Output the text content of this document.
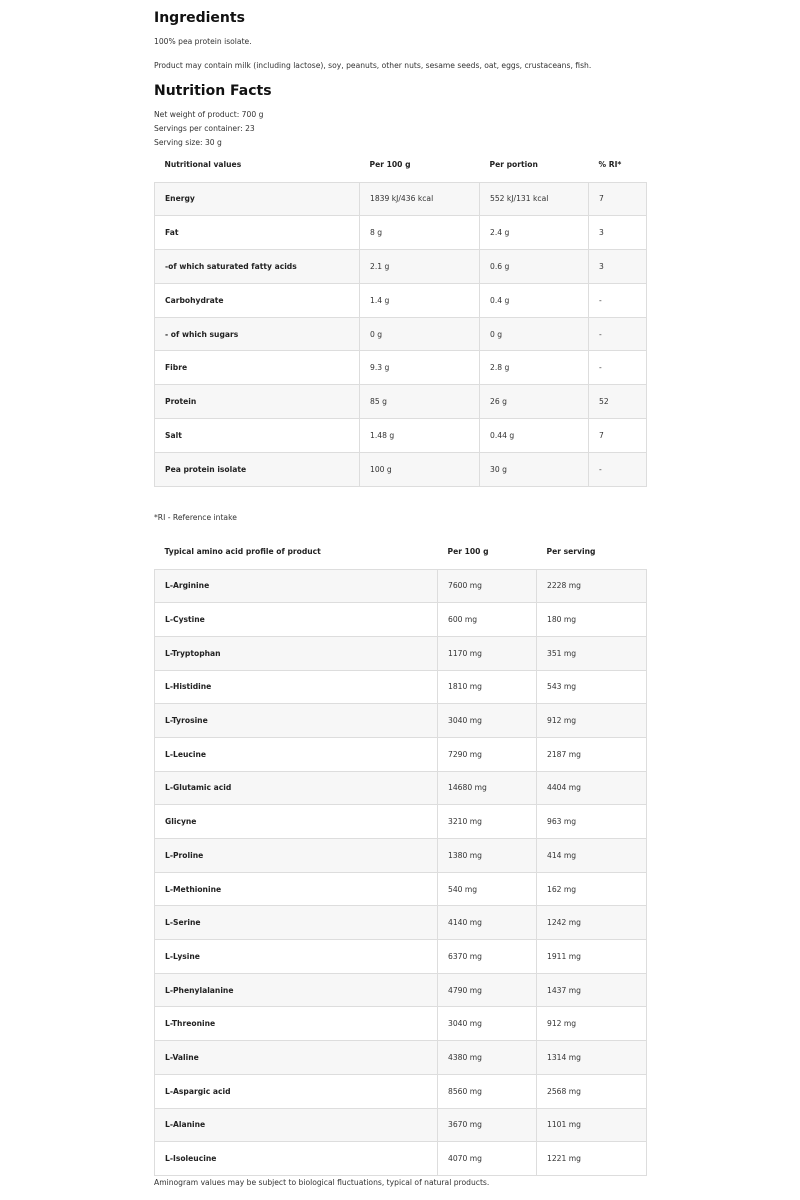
Ingredients
100% pea protein isolate.
Product may contain milk (including lactose), soy, peanuts, other nuts, sesame seeds, oat, eggs, crustaceans, fish.
Nutrition Facts
Net weight of product: 700 g
Servings per container: 23
Serving size: 30 g
Nutritional values	Per 100 g	Per portion	% RI*
Energy	1839 kJ/436 kcal	552 kJ/131 kcal	7
Fat	8 g	2.4 g	3
-of which saturated fatty acids	2.1 g	0.6 g	3
Carbohydrate	1.4 g	0.4 g	-
- of which sugars	0 g	0 g	-
Fibre	9.3 g	2.8 g	-
Protein	85 g	26 g	52
Salt	1.48 g	0.44 g	7
Pea protein isolate	100 g	30 g	-
*RI - Reference intake
Typical amino acid profile of product	Per 100 g	Per serving
L-Arginine	7600 mg	2228 mg
L-Cystine	600 mg	180 mg
L-Tryptophan	1170 mg	351 mg
L-Histidine	1810 mg	543 mg
L-Tyrosine	3040 mg	912 mg
L-Leucine	7290 mg	2187 mg
L-Glutamic acid	14680 mg	4404 mg
Glicyne	3210 mg	963 mg
L-Proline	1380 mg	414 mg
L-Methionine	540 mg	162 mg
L-Serine	4140 mg	1242 mg
L-Lysine	6370 mg	1911 mg
L-Phenylalanine	4790 mg	1437 mg
L-Threonine	3040 mg	912 mg
L-Valine	4380 mg	1314 mg
L-Aspargic acid	8560 mg	2568 mg
L-Alanine	3670 mg	1101 mg
L-Isoleucine	4070 mg	1221 mg
Aminogram values may be subject to biological fluctuations, typical of natural products.
